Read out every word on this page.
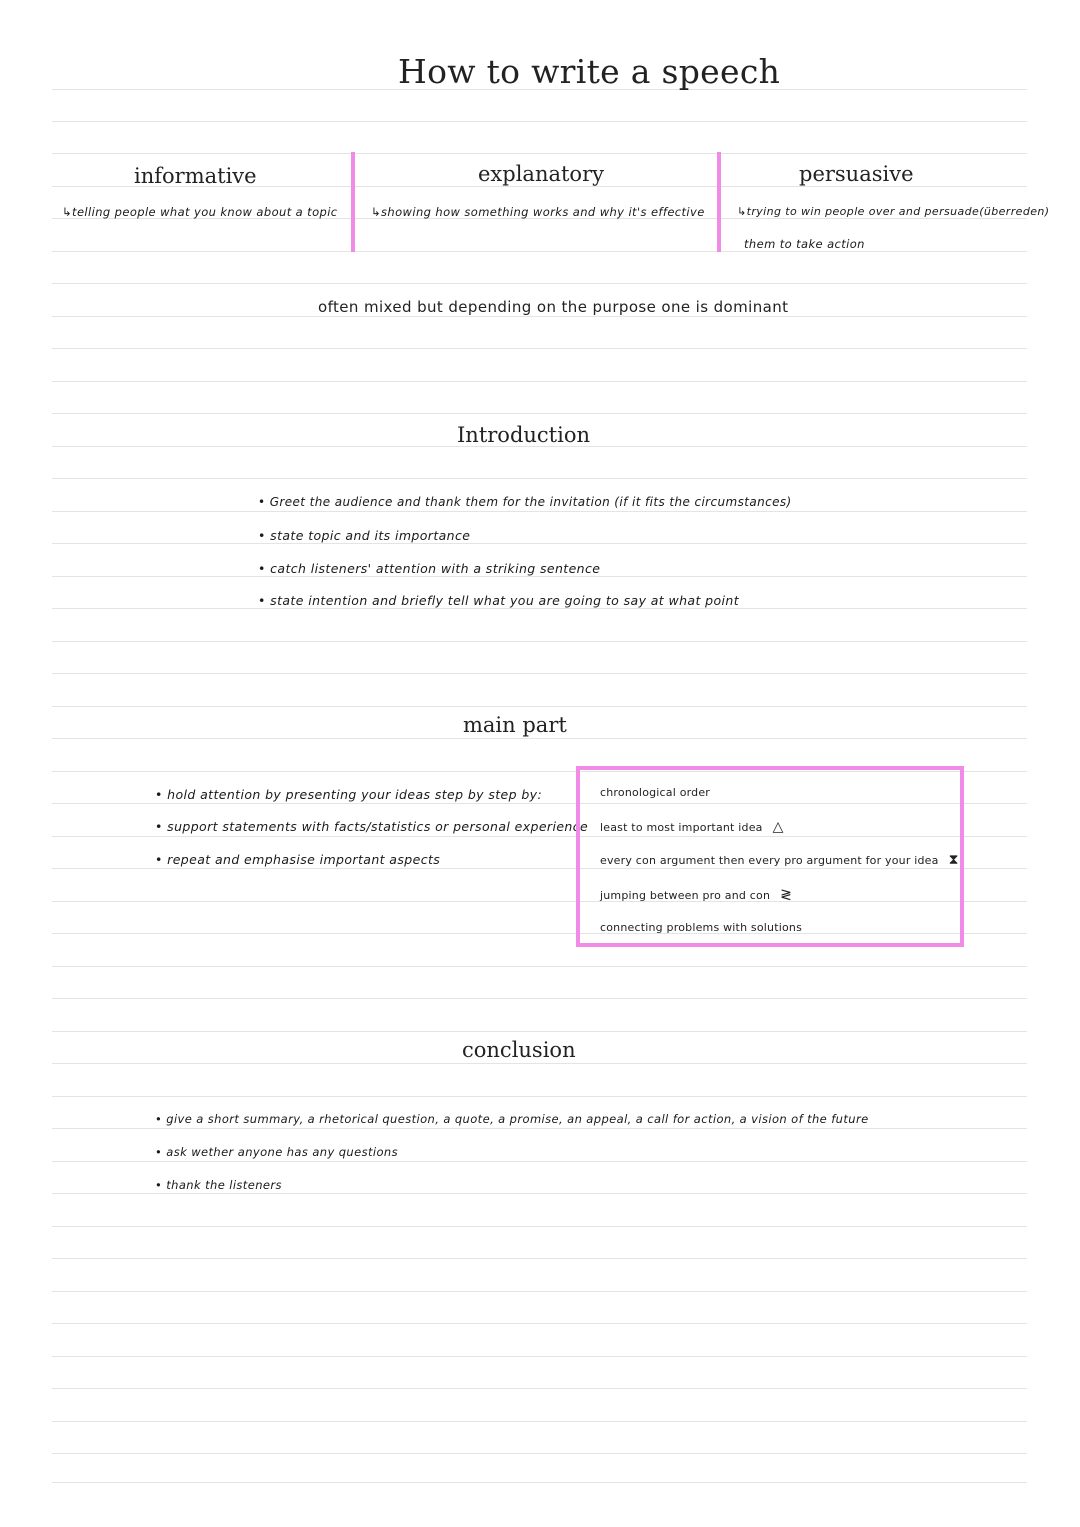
How to write a speech
informative
↳telling people what you know about a topic
explanatory
↳showing how something works and why it's effective
persuasive
↳trying to win people over and persuade(überreden)
them to take action
often mixed but depending on the purpose one is dominant
Introduction
• Greet the audience and thank them for the invitation (if it fits the circumstances)
• state topic and its importance
• catch listeners' attention with a striking sentence
• state intention and briefly tell what you are going to say at what point
main part
• hold attention by presenting your ideas step by step by:
• support statements with facts/statistics or personal experience
• repeat and emphasise important aspects
chronological order
least to most important idea △
every con argument then every pro argument for your idea ⧗
jumping between pro and con ≷
connecting problems with solutions
conclusion
• give a short summary, a rhetorical question, a quote, a promise, an appeal, a call for action, a vision of the future
• ask wether anyone has any questions
• thank the listeners
